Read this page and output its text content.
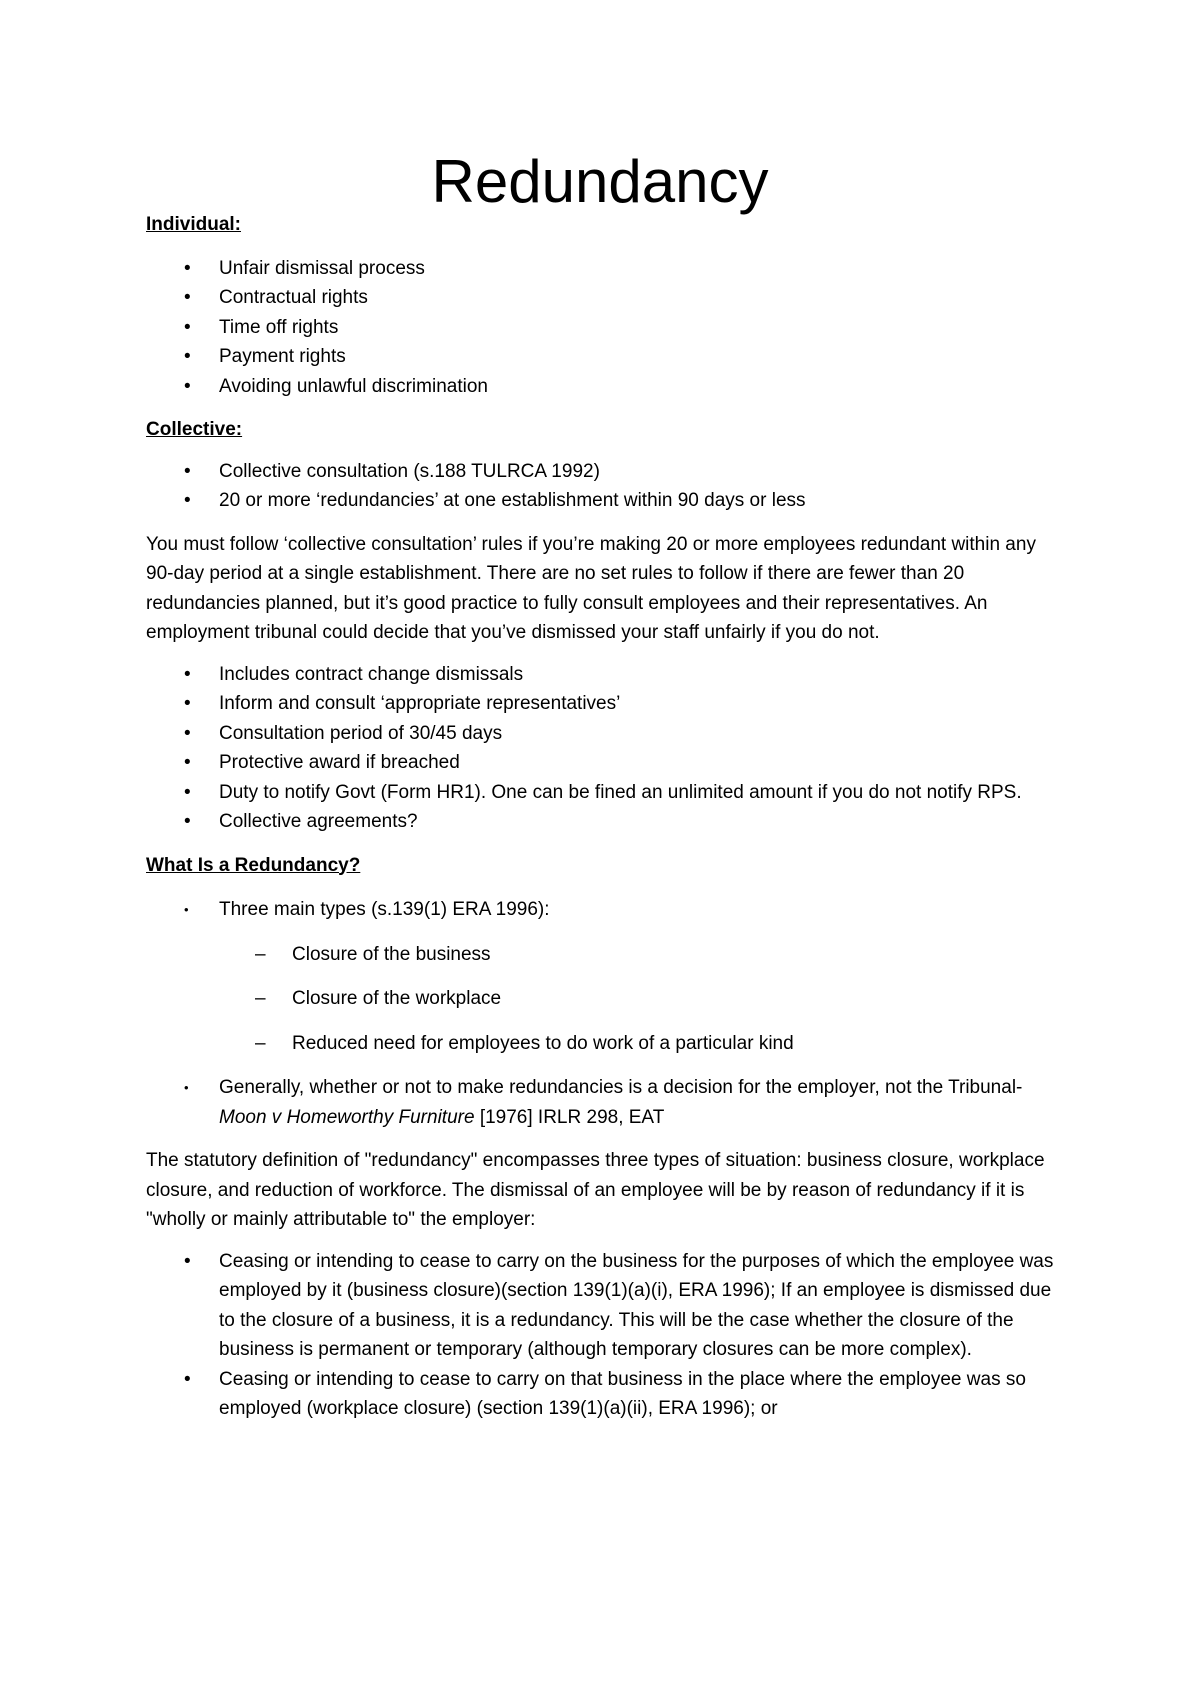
Redundancy

Individual:

•	Unfair dismissal process
•	Contractual rights
•	Time off rights
•	Payment rights
•	Avoiding unlawful discrimination

Collective:

•	Collective consultation (s.188 TULRCA 1992)
•	20 or more ‘redundancies’ at one establishment within 90 days or less

You must follow ‘collective consultation’ rules if you’re making 20 or more employees redundant within any 90-day period at a single establishment. There are no set rules to follow if there are fewer than 20 redundancies planned, but it’s good practice to fully consult employees and their representatives. An employment tribunal could decide that you’ve dismissed your staff unfairly if you do not.

•	Includes contract change dismissals
•	Inform and consult ‘appropriate representatives’
•	Consultation period of 30/45 days
•	Protective award if breached
•	Duty to notify Govt (Form HR1). One can be fined an unlimited amount if you do not notify RPS.
•	Collective agreements?

What Is a Redundancy?

•	Three main types (s.139(1) ERA 1996):
–	Closure of the business
–	Closure of the workplace
–	Reduced need for employees to do work of a particular kind
•	Generally, whether or not to make redundancies is a decision for the employer, not the Tribunal- Moon v Homeworthy Furniture [1976] IRLR 298, EAT

The statutory definition of "redundancy" encompasses three types of situation: business closure, workplace closure, and reduction of workforce. The dismissal of an employee will be by reason of redundancy if it is "wholly or mainly attributable to" the employer:

•	Ceasing or intending to cease to carry on the business for the purposes of which the employee was employed by it (business closure)(section 139(1)(a)(i), ERA 1996); If an employee is dismissed due to the closure of a business, it is a redundancy. This will be the case whether the closure of the business is permanent or temporary (although temporary closures can be more complex).
•	Ceasing or intending to cease to carry on that business in the place where the employee was so employed (workplace closure) (section 139(1)(a)(ii), ERA 1996); or
